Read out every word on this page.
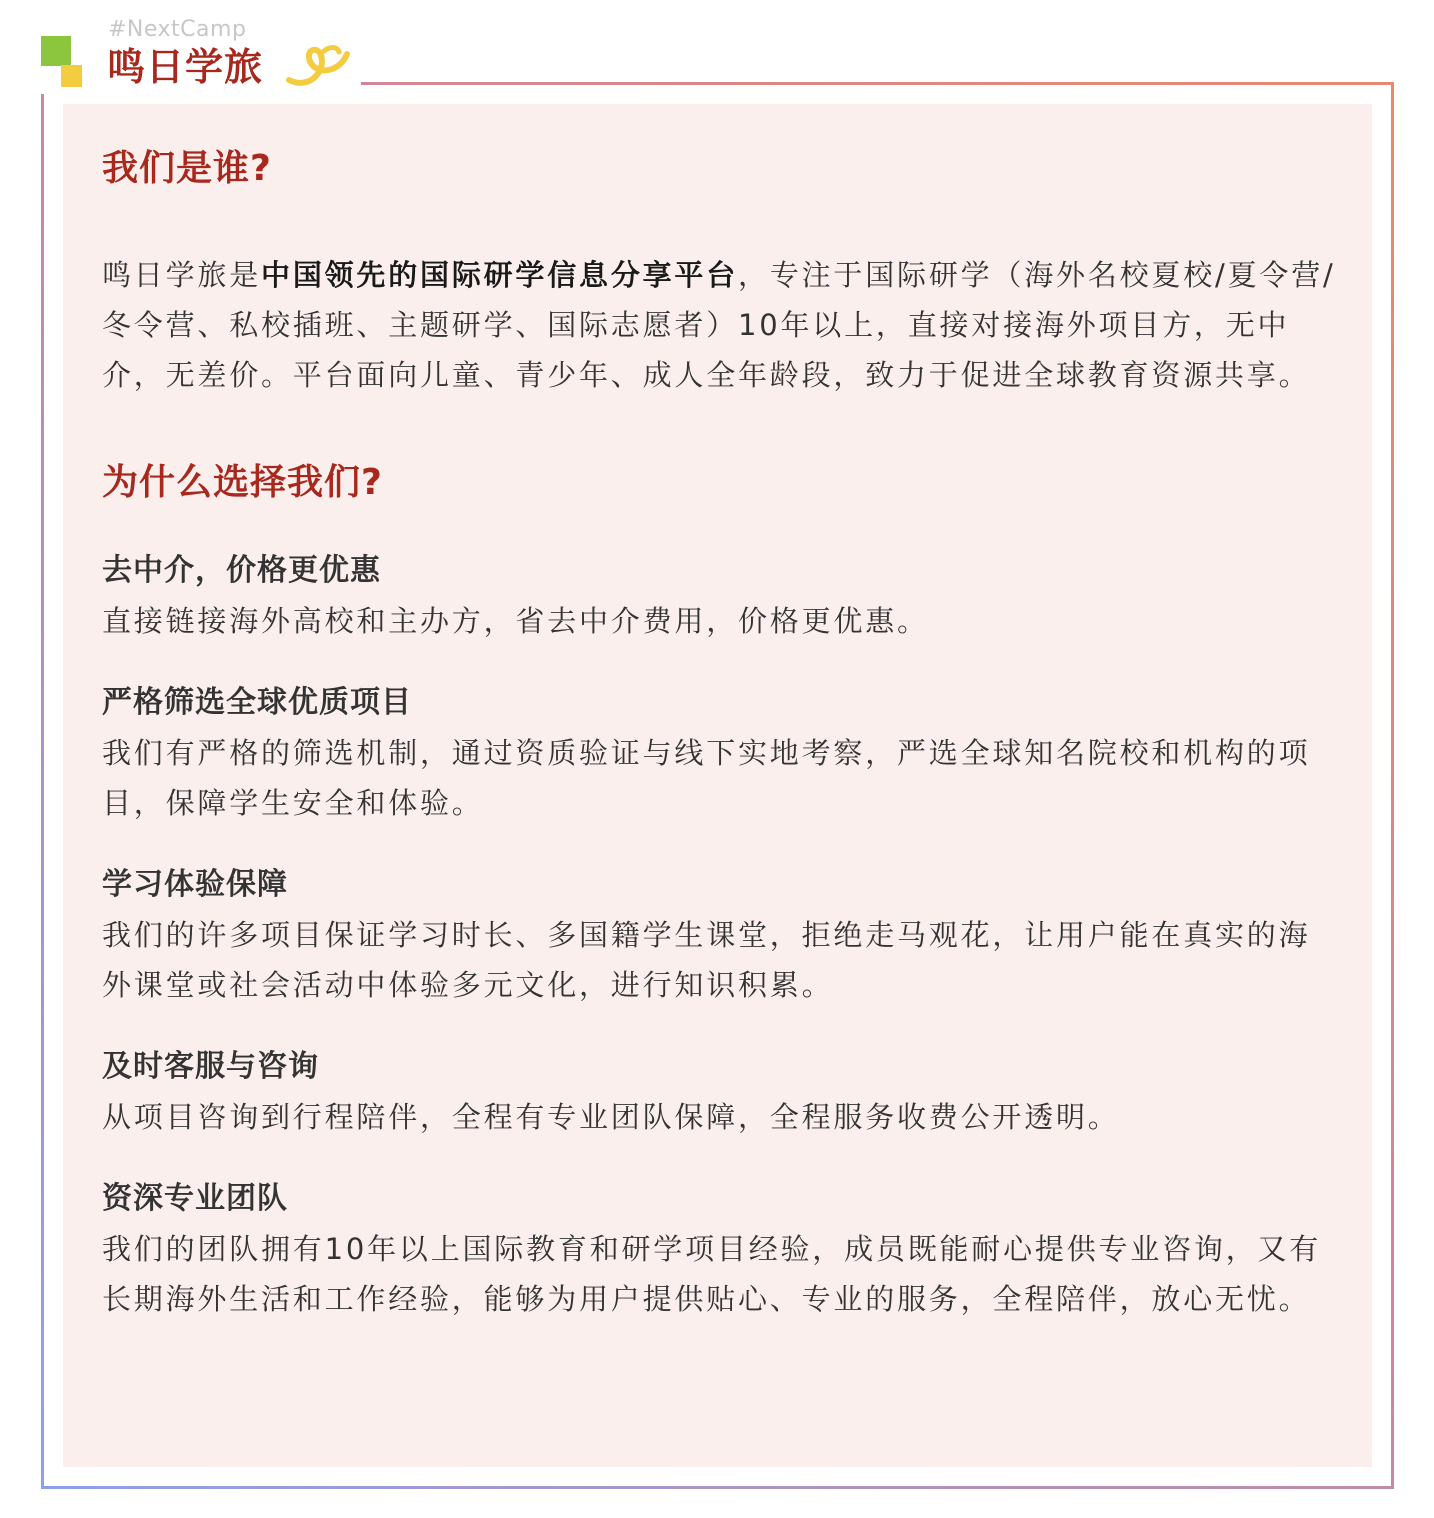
#NextCamp
鸣日学旅
我们是谁?

鸣日学旅是中国领先的国际研学信息分享平台，专注于国际研学（海外名校夏校/夏令营/冬令营、私校插班、主题研学、国际志愿者）10年以上，直接对接海外项目方，无中介，无差价。平台面向儿童、青少年、成人全年龄段，致力于促进全球教育资源共享。

为什么选择我们?

去中介，价格更优惠

直接链接海外高校和主办方，省去中介费用，价格更优惠。

严格筛选全球优质项目

我们有严格的筛选机制，通过资质验证与线下实地考察，严选全球知名院校和机构的项目，保障学生安全和体验。

学习体验保障

我们的许多项目保证学习时长、多国籍学生课堂，拒绝走马观花，让用户能在真实的海外课堂或社会活动中体验多元文化，进行知识积累。

及时客服与咨询

从项目咨询到行程陪伴，全程有专业团队保障，全程服务收费公开透明。

资深专业团队

我们的团队拥有10年以上国际教育和研学项目经验，成员既能耐心提供专业咨询，又有长期海外生活和工作经验，能够为用户提供贴心、专业的服务，全程陪伴，放心无忧。
